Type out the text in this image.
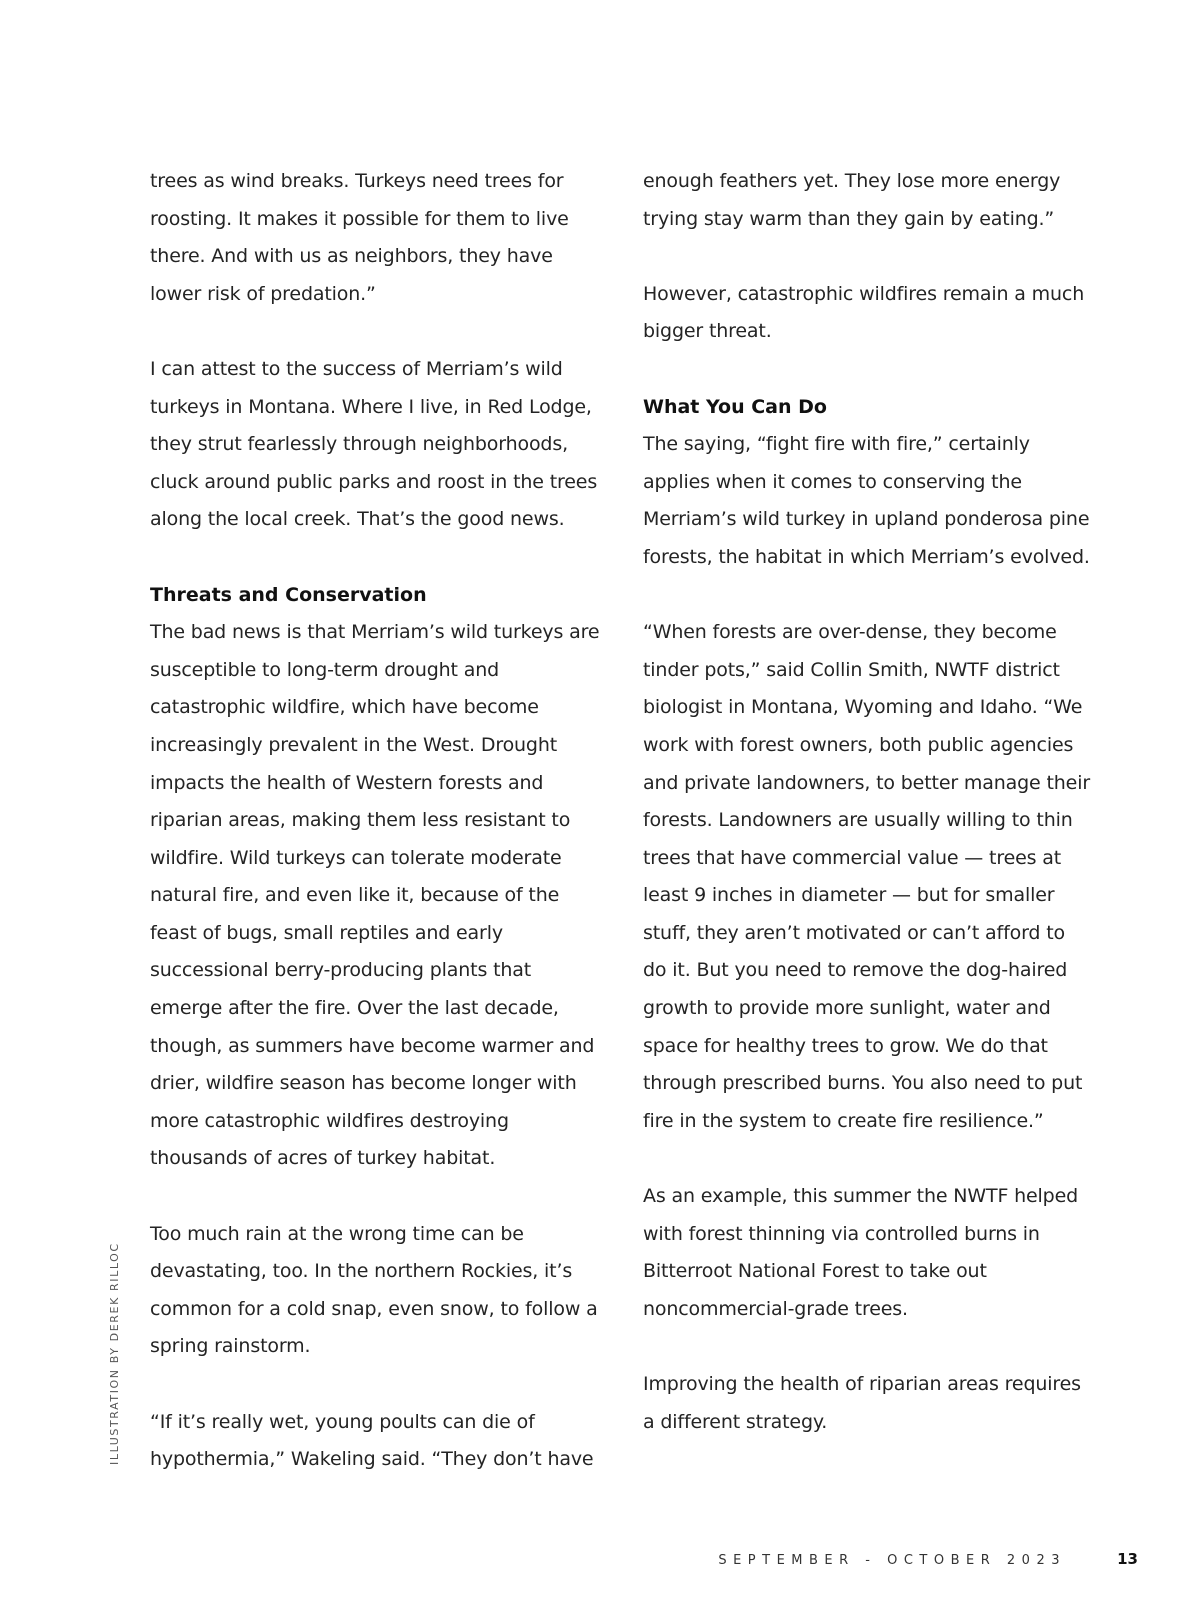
trees as wind breaks. Turkeys need trees for roosting. It makes it possible for them to live there. And with us as neighbors, they have lower risk of predation.”

I can attest to the success of Merriam’s wild turkeys in Montana. Where I live, in Red Lodge, they strut fearlessly through neighborhoods, cluck around public parks and roost in the trees along the local creek. That’s the good news.

Threats and Conservation

The bad news is that Merriam’s wild turkeys are susceptible to long-term drought and catastrophic wildfire, which have become increasingly prevalent in the West. Drought impacts the health of Western forests and riparian areas, making them less resistant to wildfire. Wild turkeys can tolerate moderate natural fire, and even like it, because of the feast of bugs, small reptiles and early successional berry-producing plants that emerge after the fire. Over the last decade, though, as summers have become warmer and drier, wildfire season has become longer with more catastrophic wildfires destroying thousands of acres of turkey habitat.

Too much rain at the wrong time can be devastating, too. In the northern Rockies, it’s common for a cold snap, even snow, to follow a spring rainstorm.

“If it’s really wet, young poults can die of hypothermia,” Wakeling said. “They don’t have

enough feathers yet. They lose more energy trying stay warm than they gain by eating.”

However, catastrophic wildfires remain a much bigger threat.

What You Can Do

The saying, “fight fire with fire,” certainly applies when it comes to conserving the Merriam’s wild turkey in upland ponderosa pine forests, the habitat in which Merriam’s evolved.

“When forests are over-dense, they become tinder pots,” said Collin Smith, NWTF district biologist in Montana, Wyoming and Idaho. “We work with forest owners, both public agencies and private landowners, to better manage their forests. Landowners are usually willing to thin trees that have commercial value — trees at least 9 inches in diameter — but for smaller stuff, they aren’t motivated or can’t afford to do it. But you need to remove the dog-haired growth to provide more sunlight, water and space for healthy trees to grow. We do that through prescribed burns. You also need to put fire in the system to create fire resilience.”

As an example, this summer the NWTF helped with forest thinning via controlled burns in Bitterroot National Forest to take out noncommercial-grade trees.

Improving the health of riparian areas requires a different strategy.

ILLUSTRATION BY DEREK RILLOC
SEPTEMBER - OCTOBER 2023	13
